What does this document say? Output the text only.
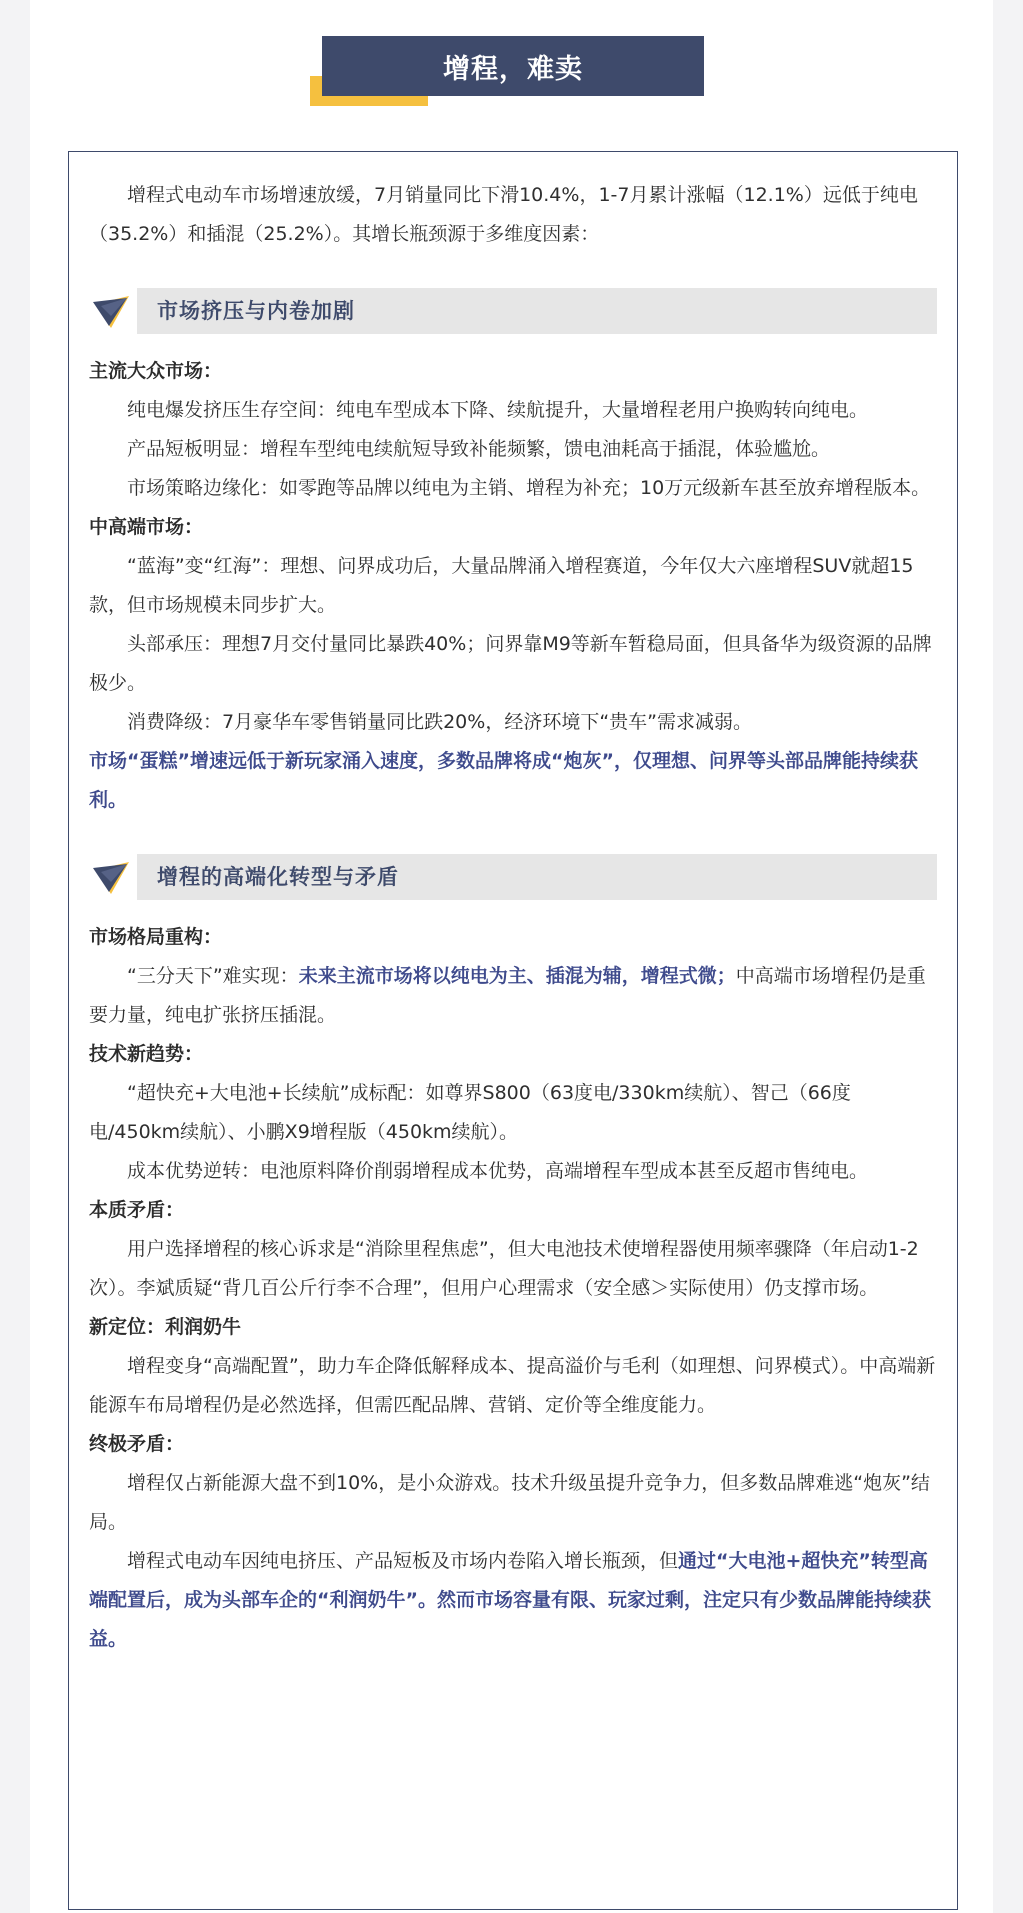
增程，难卖

增程式电动车市场增速放缓，7月销量同比下滑10.4%，1-7月累计涨幅（12.1%）远低于纯电（35.2%）和插混（25.2%）。其增长瓶颈源于多维度因素：

市场挤压与内卷加剧

主流大众市场：

纯电爆发挤压生存空间：纯电车型成本下降、续航提升，大量增程老用户换购转向纯电。

产品短板明显：增程车型纯电续航短导致补能频繁，馈电油耗高于插混，体验尴尬。

市场策略边缘化：如零跑等品牌以纯电为主销、增程为补充；10万元级新车甚至放弃增程版本。

中高端市场：

“蓝海”变“红海”：理想、问界成功后，大量品牌涌入增程赛道，今年仅大六座增程SUV就超15款，但市场规模未同步扩大。

头部承压：理想7月交付量同比暴跌40%；问界靠M9等新车暂稳局面，但具备华为级资源的品牌极少。

消费降级：7月豪华车零售销量同比跌20%，经济环境下“贵车”需求减弱。

市场“蛋糕”增速远低于新玩家涌入速度，多数品牌将成“炮灰”，仅理想、问界等头部品牌能持续获利。

增程的高端化转型与矛盾

市场格局重构：

“三分天下”难实现：未来主流市场将以纯电为主、插混为辅，增程式微；中高端市场增程仍是重要力量，纯电扩张挤压插混。

技术新趋势：

“超快充+大电池+长续航”成标配：如尊界S800（63度电/330km续航）、智己（66度电/450km续航）、小鹏X9增程版（450km续航）。

成本优势逆转：电池原料降价削弱增程成本优势，高端增程车型成本甚至反超市售纯电。

本质矛盾：

用户选择增程的核心诉求是“消除里程焦虑”，但大电池技术使增程器使用频率骤降（年启动1-2次）。李斌质疑“背几百公斤行李不合理”，但用户心理需求（安全感＞实际使用）仍支撑市场。

新定位：利润奶牛

增程变身“高端配置”，助力车企降低解释成本、提高溢价与毛利（如理想、问界模式）。中高端新能源车布局增程仍是必然选择，但需匹配品牌、营销、定价等全维度能力。

终极矛盾：

增程仅占新能源大盘不到10%，是小众游戏。技术升级虽提升竞争力，但多数品牌难逃“炮灰”结局。

增程式电动车因纯电挤压、产品短板及市场内卷陷入增长瓶颈，但通过“大电池+超快充”转型高端配置后，成为头部车企的“利润奶牛”。然而市场容量有限、玩家过剩，注定只有少数品牌能持续获益。
